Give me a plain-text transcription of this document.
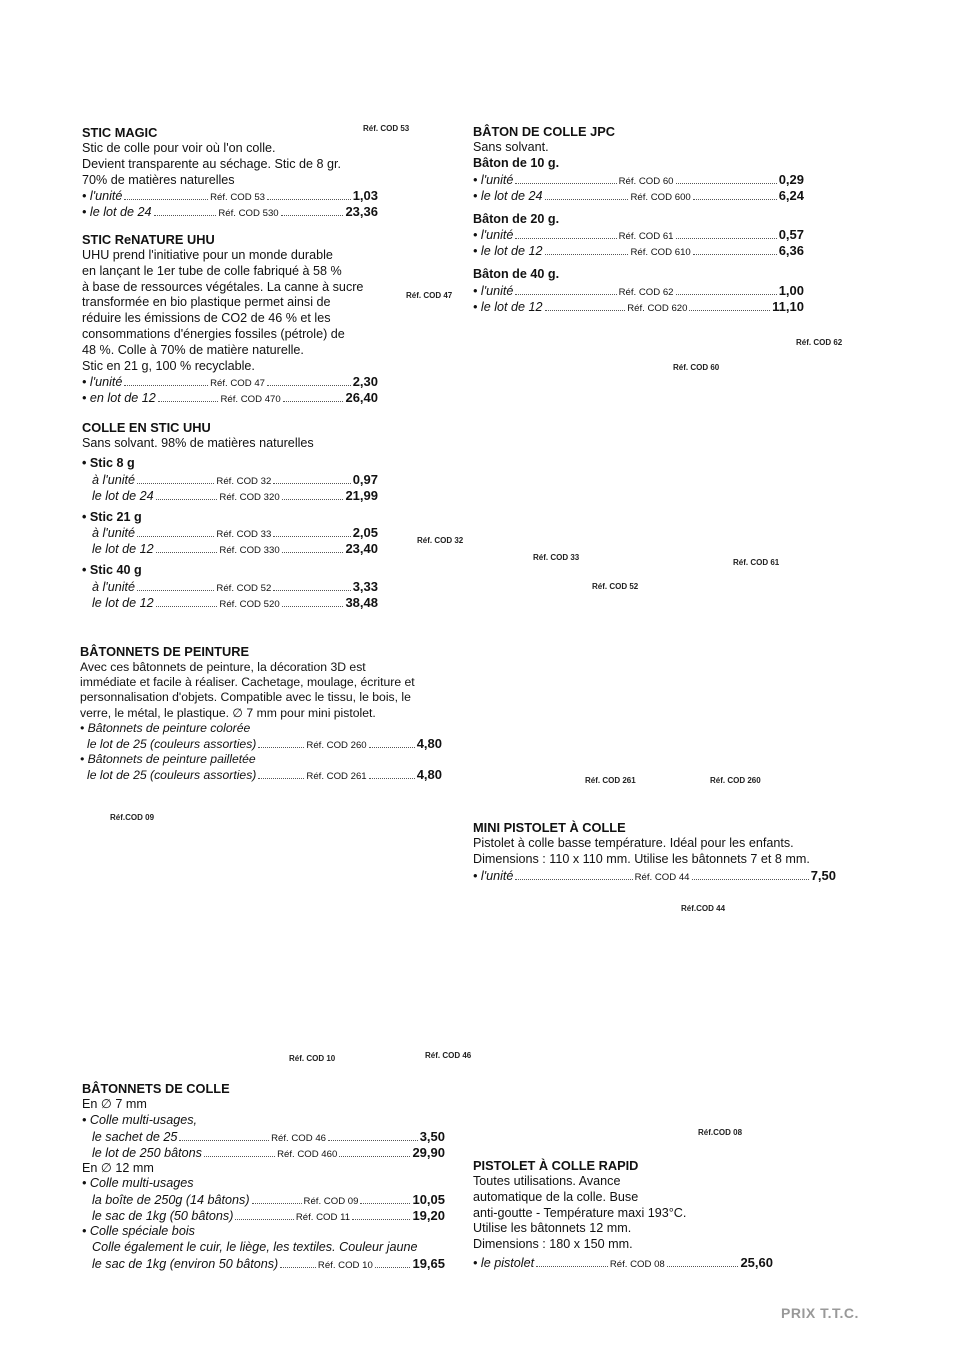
STIC MAGIC
Stic de colle pour voir où l'on colle.
Devient transparente au séchage. Stic de 8 gr.
70% de matières naturelles
• l'unité	Réf. COD 53	1,03
• le lot de 24	Réf. COD 530	23,36
STIC ReNATURE UHU
UHU prend l'initiative pour un monde durable
en lançant le 1er tube de colle fabriqué à 58 %
à base de ressources végétales. La canne à sucre
transformée en bio plastique permet ainsi de
réduire les émissions de CO2 de 46 % et les
consommations d'énergies fossiles (pétrole) de
48 %. Colle à 70% de matière naturelle.
Stic en 21 g, 100 % recyclable.
• l'unité	Réf. COD 47	2,30
• en lot de 12	Réf. COD 470	26,40
COLLE EN STIC UHU
Sans solvant. 98% de matières naturelles
• Stic 8 g
à l'unité	Réf. COD 32	0,97
le lot de 24	Réf. COD 320	21,99
• Stic 21 g
à l'unité	Réf. COD 33	2,05
le lot de 12	Réf. COD 330	23,40
• Stic 40 g
à l'unité	Réf. COD 52	3,33
le lot de 12	Réf. COD 520	38,48
BÂTON DE COLLE JPC
Sans solvant.
Bâton de 10 g.
• l'unité	Réf. COD 60	0,29
• le lot de 24	Réf. COD 600	6,24
Bâton de 20 g.
• l'unité	Réf. COD 61	0,57
• le lot de 12	Réf. COD 610	6,36
Bâton de 40 g.
• l'unité	Réf. COD 62	1,00
• le lot de 12	Réf. COD 620	11,10
BÂTONNETS DE PEINTURE
Avec ces bâtonnets de peinture, la décoration 3D est
immédiate et facile à réaliser. Cachetage, moulage, écriture et
personnalisation d'objets. Compatible avec le tissu, le bois, le
verre, le métal, le plastique. ∅ 7 mm pour mini pistolet.
• Bâtonnets de peinture colorée
le lot de 25 (couleurs assorties)	Réf. COD 260	4,80
• Bâtonnets de peinture pailletée
le lot de 25 (couleurs assorties)	Réf. COD 261	4,80
MINI PISTOLET À COLLE
Pistolet à colle basse température. Idéal pour les enfants.
Dimensions : 110 x 110 mm. Utilise les bâtonnets 7 et 8 mm.
• l'unité	Réf. COD 44	7,50
BÂTONNETS DE COLLE
En ∅ 7 mm
• Colle multi-usages,
le sachet de 25	Réf. COD 46	3,50
le lot de 250 bâtons	Réf. COD 460	29,90
En ∅ 12 mm
• Colle multi-usages
la boîte de 250g (14 bâtons)	Réf. COD 09	10,05
le sac de 1kg (50 bâtons)	Réf. COD 11	19,20
• Colle spéciale bois
Colle également le cuir, le liège, les textiles. Couleur jaune
le sac de 1kg (environ 50 bâtons)	Réf. COD 10	19,65
PISTOLET À COLLE RAPID
Toutes utilisations. Avance
automatique de la colle. Buse
anti-goutte - Température maxi 193°C.
Utilise les bâtonnets 12 mm.
Dimensions : 180 x 150 mm.
• le pistolet	Réf. COD 08	25,60
Réf. COD 53
Réf. COD 47
Réf. COD 62
Réf. COD 60
Réf. COD 32
Réf. COD 33
Réf. COD 61
Réf. COD 52
Réf. COD 261	Réf. COD 260
Réf.COD 09
Réf.COD 44
Réf. COD 10	Réf. COD 46
Réf.COD 08
PRIX T.T.C.
